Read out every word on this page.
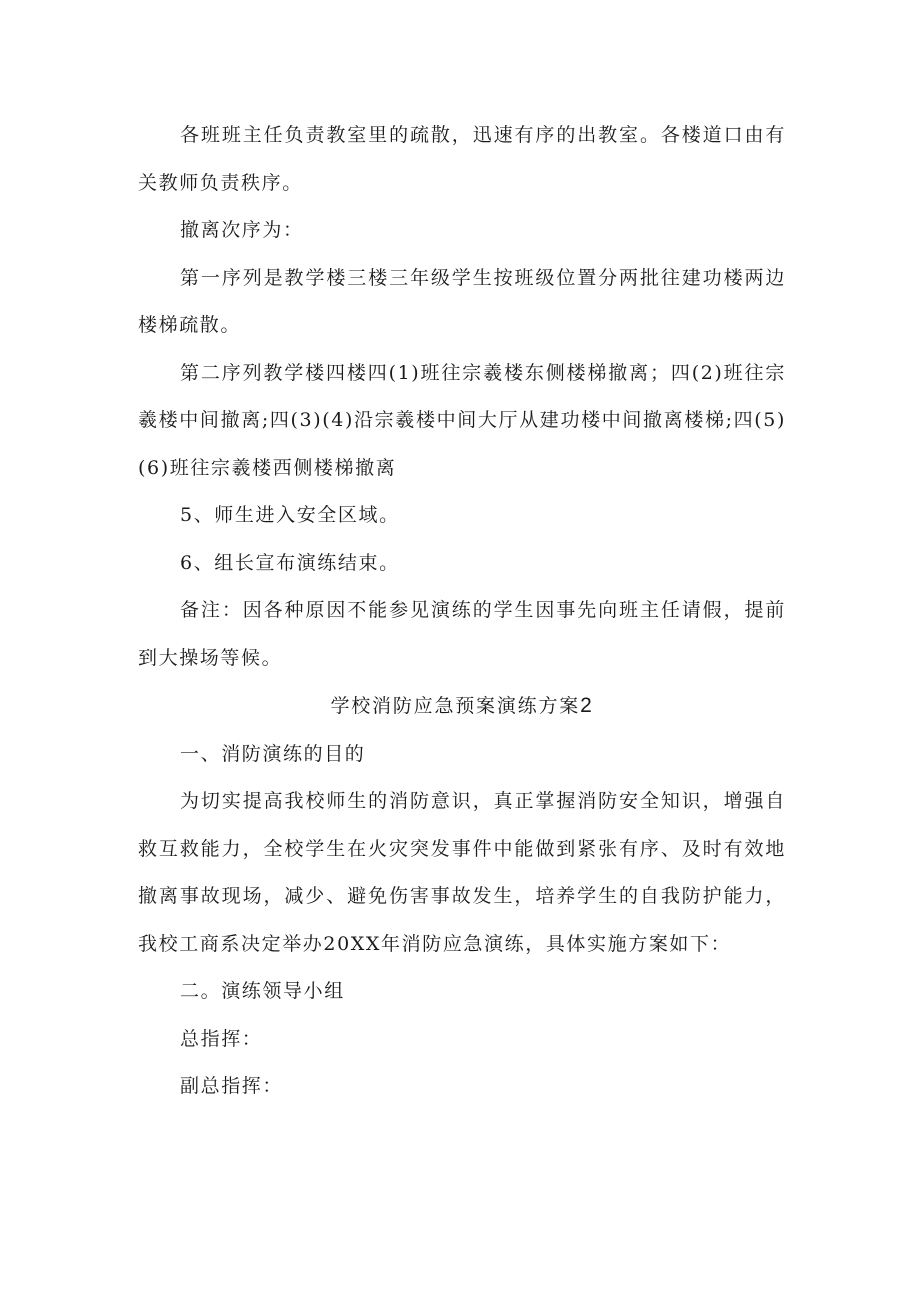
各班班主任负责教室里的疏散，迅速有序的出教室。各楼道口由有关教师负责秩序。

撤离次序为：

第一序列是教学楼三楼三年级学生按班级位置分两批往建功楼两边楼梯疏散。

第二序列教学楼四楼四(1)班往宗羲楼东侧楼梯撤离；四(2)班往宗羲楼中间撤离;四(3)(4)沿宗羲楼中间大厅从建功楼中间撤离楼梯;四(5)(6)班往宗羲楼西侧楼梯撤离

5、师生进入安全区域。

6、组长宣布演练结束。

备注：因各种原因不能参见演练的学生因事先向班主任请假，提前到大操场等候。

学校消防应急预案演练方案2

一、消防演练的目的

为切实提高我校师生的消防意识，真正掌握消防安全知识，增强自救互救能力，全校学生在火灾突发事件中能做到紧张有序、及时有效地撤离事故现场，减少、避免伤害事故发生，培养学生的自我防护能力，我校工商系决定举办20XX年消防应急演练，具体实施方案如下：

二。演练领导小组

总指挥：

副总指挥：
